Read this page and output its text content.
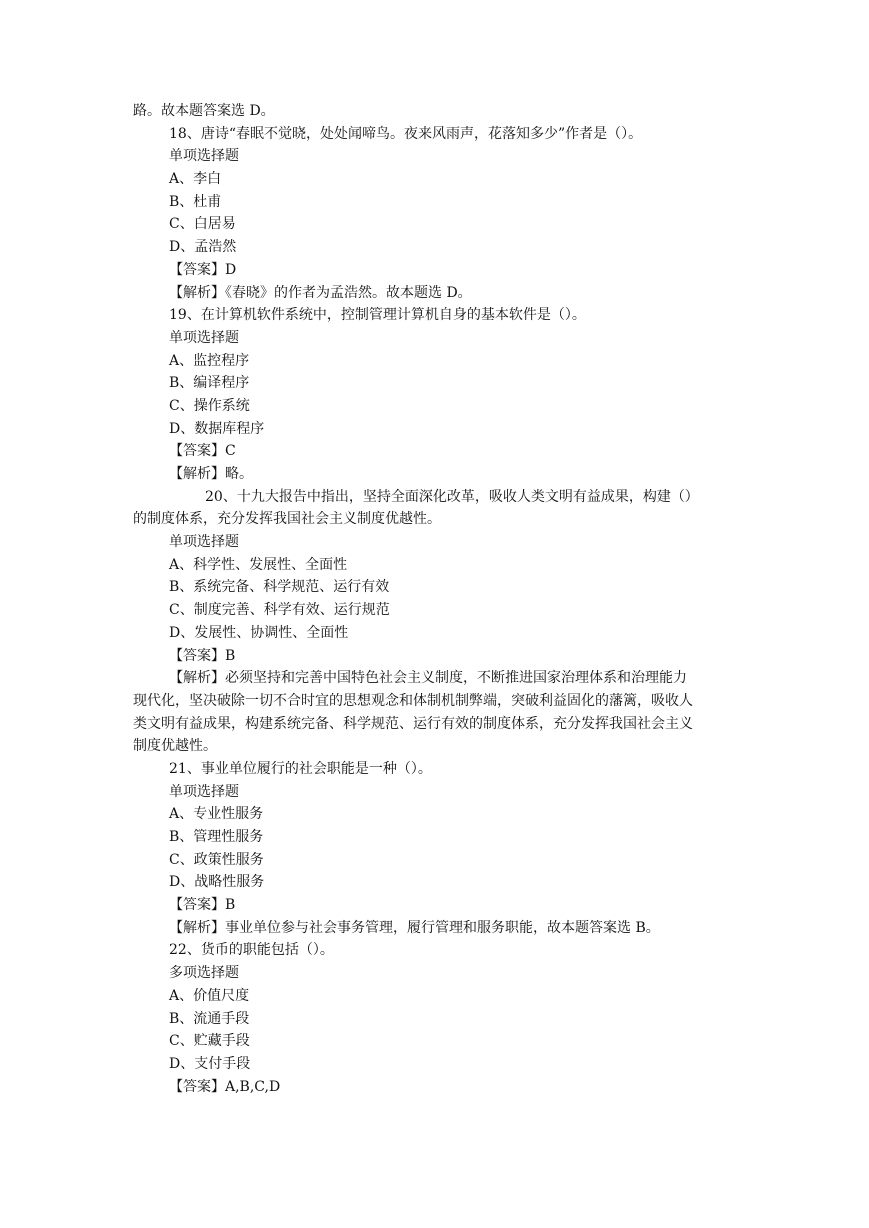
路。故本题答案选 D。
18、唐诗“春眠不觉晓，处处闻啼鸟。夜来风雨声，花落知多少”作者是（）。
单项选择题
A、李白
B、杜甫
C、白居易
D、孟浩然
【答案】D
【解析】《春晓》的作者为孟浩然。故本题选 D。
19、在计算机软件系统中，控制管理计算机自身的基本软件是（）。
单项选择题
A、监控程序
B、编译程序
C、操作系统
D、数据库程序
【答案】C
【解析】略。
20、十九大报告中指出，坚持全面深化改革，吸收人类文明有益成果，构建（）
的制度体系，充分发挥我国社会主义制度优越性。
单项选择题
A、科学性、发展性、全面性
B、系统完备、科学规范、运行有效
C、制度完善、科学有效、运行规范
D、发展性、协调性、全面性
【答案】B
【解析】必须坚持和完善中国特色社会主义制度，不断推进国家治理体系和治理能力
现代化，坚决破除一切不合时宜的思想观念和体制机制弊端，突破利益固化的藩篱，吸收人
类文明有益成果，构建系统完备、科学规范、运行有效的制度体系，充分发挥我国社会主义
制度优越性。
21、事业单位履行的社会职能是一种（）。
单项选择题
A、专业性服务
B、管理性服务
C、政策性服务
D、战略性服务
【答案】B
【解析】事业单位参与社会事务管理，履行管理和服务职能，故本题答案选 B。
22、货币的职能包括（）。
多项选择题
A、价值尺度
B、流通手段
C、贮藏手段
D、支付手段
【答案】A,B,C,D
